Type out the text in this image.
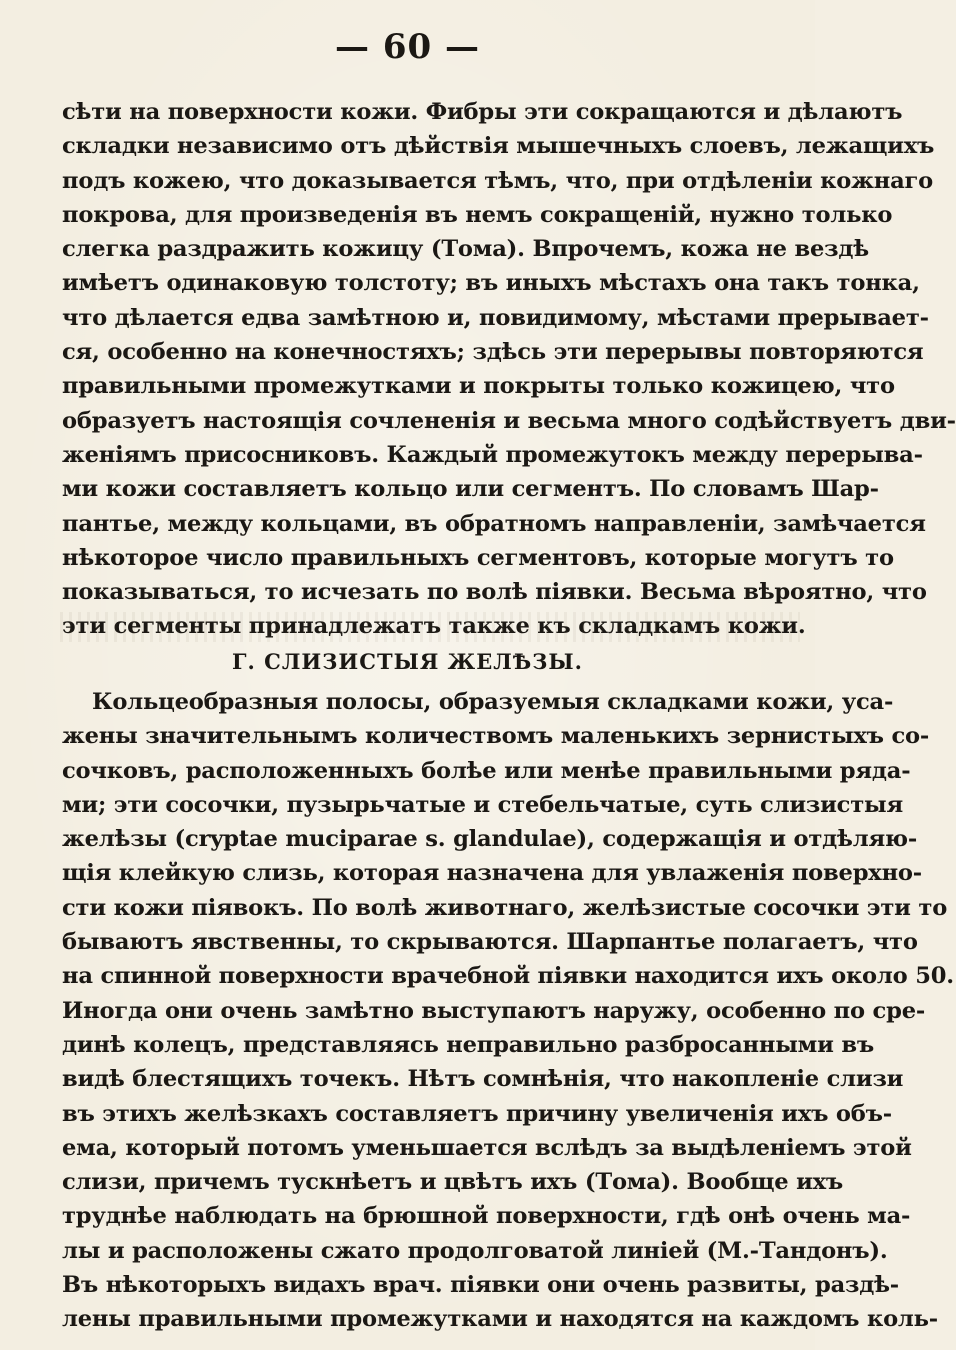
— 60 —
сѣти на поверхности кожи. Фибры эти сокращаются и дѣлаютъ
складки независимо отъ дѣйствія мышечныхъ слоевъ, лежащихъ
подъ кожею, что доказывается тѣмъ, что, при отдѣленіи кожнаго
покрова, для произведенія въ немъ сокращеній, нужно только
слегка раздражить кожицу (Тома). Впрочемъ, кожа не вездѣ
имѣетъ одинаковую толстоту; въ иныхъ мѣстахъ она такъ тонка,
что дѣлается едва замѣтною и, повидимому, мѣстами прерывает-
ся, особенно на конечностяхъ; здѣсь эти перерывы повторяются
правильными промежутками и покрыты только кожицею, что
образуетъ настоящія сочлененія и весьма много содѣйствуетъ дви-
женіямъ присосниковъ. Каждый промежутокъ между перерыва-
ми кожи составляетъ кольцо или сегментъ. По словамъ Шар-
пантье, между кольцами, въ обратномъ направленіи, замѣчается
нѣкоторое число правильныхъ сегментовъ, которые могутъ то
показываться, то исчезать по волѣ піявки. Весьма вѣроятно, что
эти сегменты принадлежатъ также къ складкамъ кожи.
Г. СЛИЗИСТЫЯ ЖЕЛѢЗЫ.
Кольцеобразныя полосы, образуемыя складками кожи, уса-
жены значительнымъ количествомъ маленькихъ зернистыхъ со-
сочковъ, расположенныхъ болѣе или менѣе правильными ряда-
ми; эти сосочки, пузырьчатые и стебельчатые, суть слизистыя
желѣзы (cryptae muciparae s. glandulae), содержащія и отдѣляю-
щія клейкую слизь, которая назначена для увлаженія поверхно-
сти кожи піявокъ. По волѣ животнаго, желѣзистые сосочки эти то
бываютъ явственны, то скрываются. Шарпантье полагаетъ, что
на спинной поверхности врачебной піявки находится ихъ около 50.
Иногда они очень замѣтно выступаютъ наружу, особенно по сре-
динѣ колецъ, представляясь неправильно разбросанными въ
видѣ блестящихъ точекъ. Нѣтъ сомнѣнія, что накопленіе слизи
въ этихъ желѣзкахъ составляетъ причину увеличенія ихъ объ-
ема, который потомъ уменьшается вслѣдъ за выдѣленіемъ этой
слизи, причемъ тускнѣетъ и цвѣтъ ихъ (Тома). Вообще ихъ
труднѣе наблюдать на брюшной поверхности, гдѣ онѣ очень ма-
лы и расположены сжато продолговатой линіей (М.-Тандонъ).
Въ нѣкоторыхъ видахъ врач. піявки они очень развиты, раздѣ-
лены правильными промежутками и находятся на каждомъ коль-
